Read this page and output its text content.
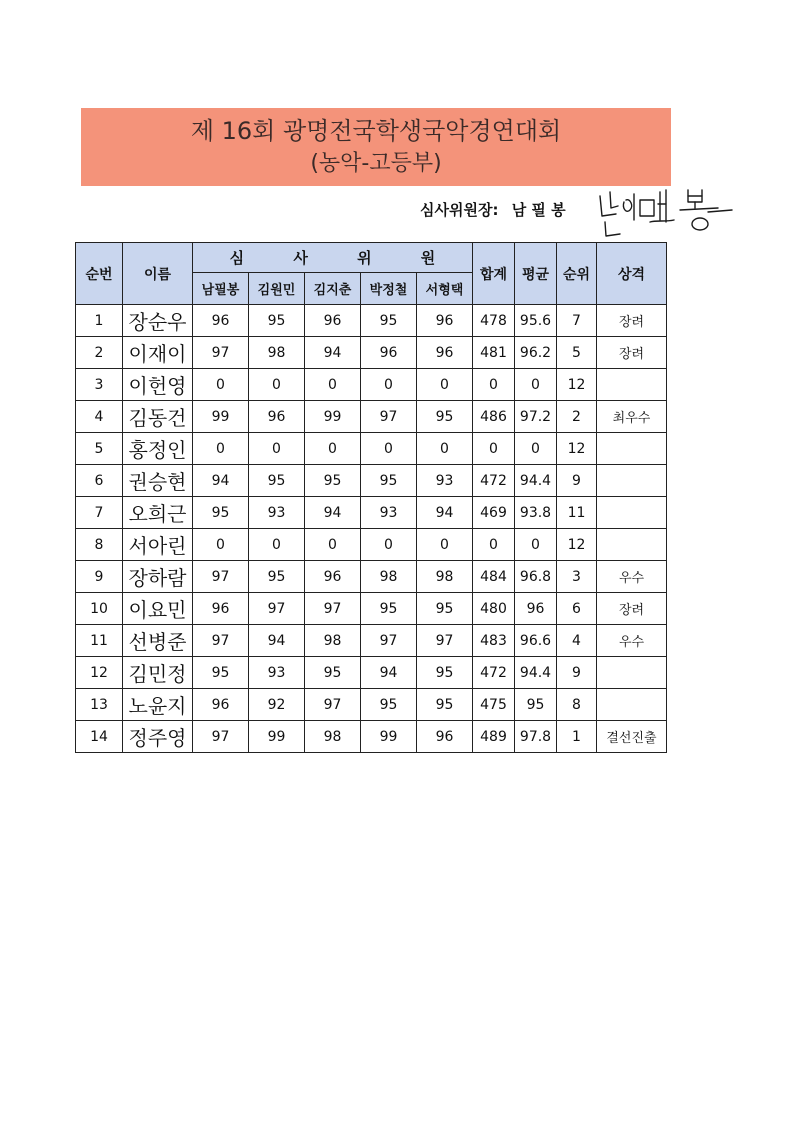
제 16회 광명전국학생국악경연대회
(농악-고등부)
심사위원장: 남 필 봉
순번	이름	심 사 위 원					합계	평균	순위	상격
		남필봉	김원민	김지춘	박정철	서형택				
1	장순우	96	95	96	95	96	478	95.6	7	장려
2	이재이	97	98	94	96	96	481	96.2	5	장려
3	이헌영	0	0	0	0	0	0	0	12	
4	김동건	99	96	99	97	95	486	97.2	2	최우수
5	홍정인	0	0	0	0	0	0	0	12	
6	권승현	94	95	95	95	93	472	94.4	9	
7	오희근	95	93	94	93	94	469	93.8	11	
8	서아린	0	0	0	0	0	0	0	12	
9	장하람	97	95	96	98	98	484	96.8	3	우수
10	이요민	96	97	97	95	95	480	96	6	장려
11	선병준	97	94	98	97	97	483	96.6	4	우수
12	김민정	95	93	95	94	95	472	94.4	9	
13	노윤지	96	92	97	95	95	475	95	8	
14	정주영	97	99	98	99	96	489	97.8	1	결선진출
